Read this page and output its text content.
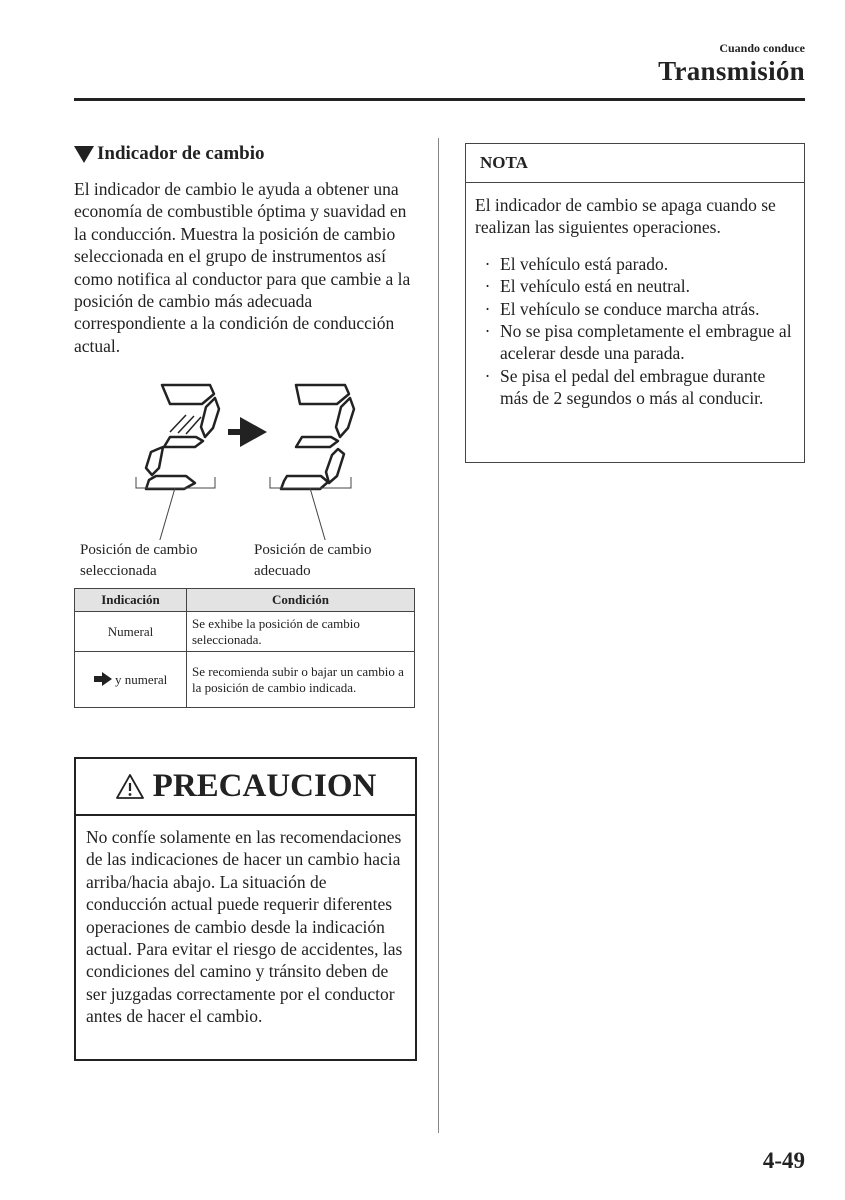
Cuando conduce
Transmisión
Indicador de cambio

El indicador de cambio le ayuda a obtener una economía de combustible óptima y suavidad en la conducción. Muestra la posición de cambio seleccionada en el grupo de instrumentos así como notifica al conductor para que cambie a la posición de cambio más adecuada correspondiente a la condición de conducción actual.

Posición de cambio seleccionada
Posición de cambio adecuado
Indicación	Condición
Numeral	Se exhibe la posición de cambio seleccionada.
y numeral	Se recomienda subir o bajar un cambio a la posición de cambio indicada.
PRECAUCION

No confíe solamente en las recomendaciones de las indicaciones de hacer un cambio hacia arriba/hacia abajo. La situación de conducción actual puede requerir diferentes operaciones de cambio desde la indicación actual. Para evitar el riesgo de accidentes, las condiciones del camino y tránsito deben de ser juzgadas correctamente por el conductor antes de hacer el cambio.

NOTA

El indicador de cambio se apaga cuando se realizan las siguientes operaciones.

· El vehículo está parado.
· El vehículo está en neutral.
· El vehículo se conduce marcha atrás.
· No se pisa completamente el embrague al acelerar desde una parada.
· Se pisa el pedal del embrague durante más de 2 segundos o más al conducir.
4-49
